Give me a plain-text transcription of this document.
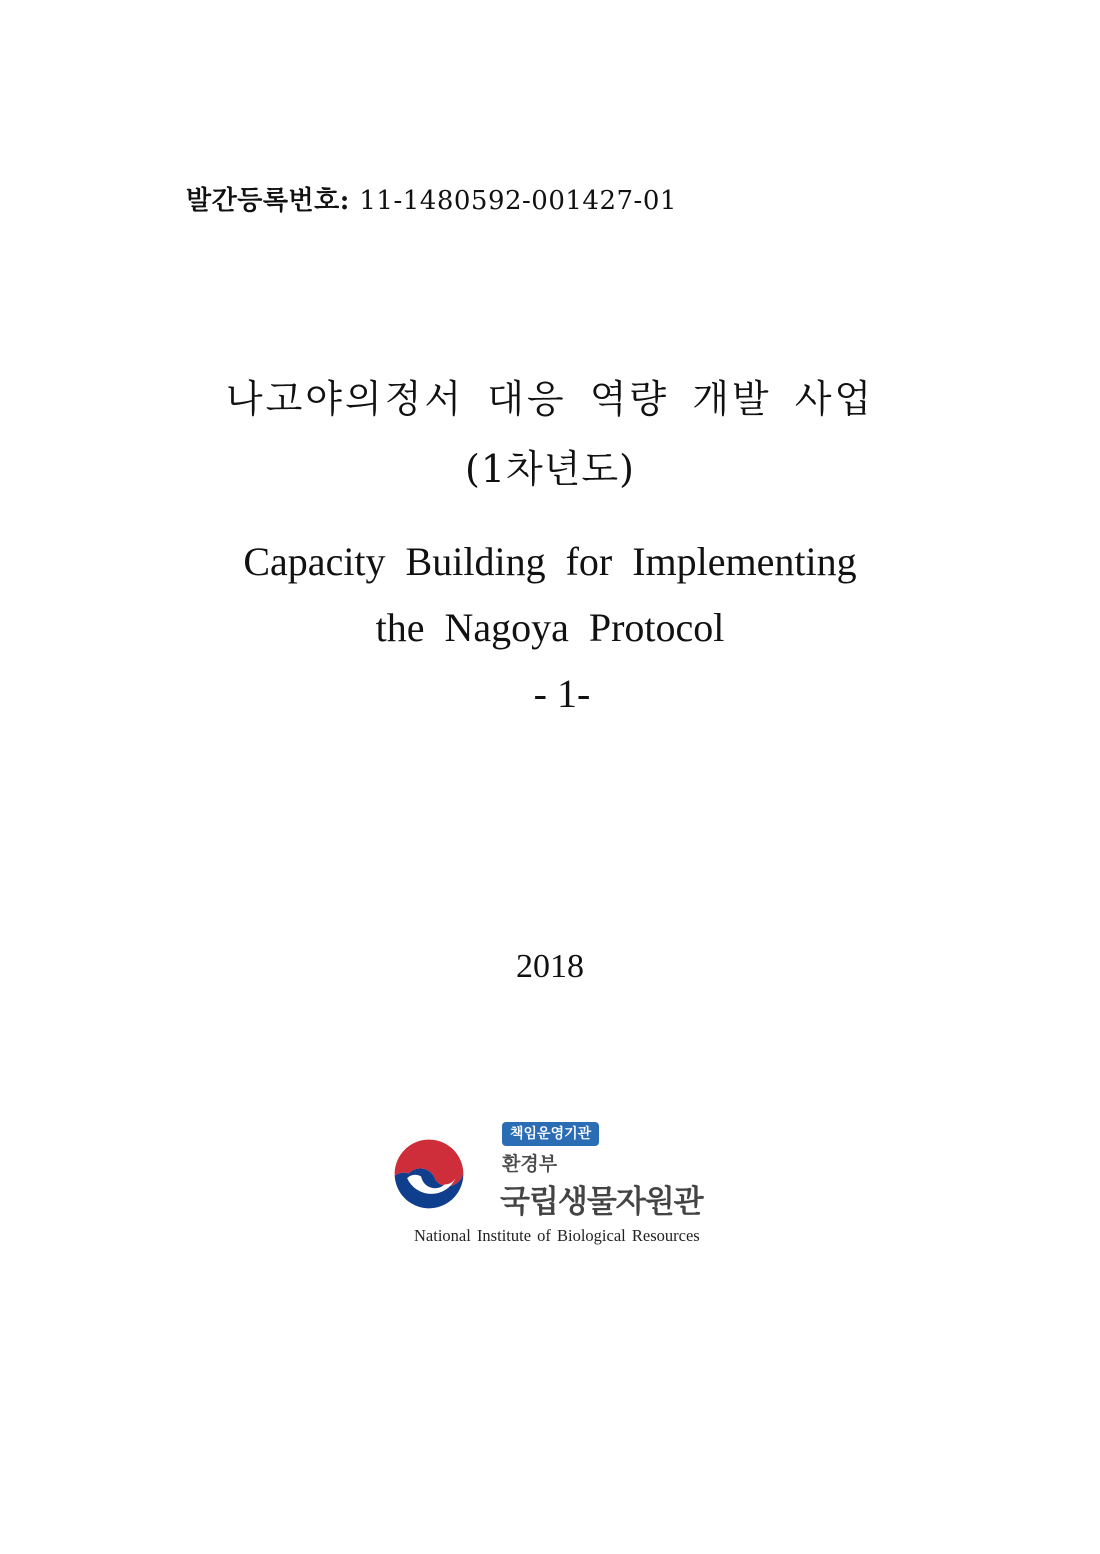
발간등록번호: 11-1480592-001427-01
나고야의정서 대응 역량 개발 사업
(1차년도)
Capacity Building for Implementing
the Nagoya Protocol
- 1-
2018
책임운영기관
환경부
국립생물자원관
National Institute of Biological Resources
